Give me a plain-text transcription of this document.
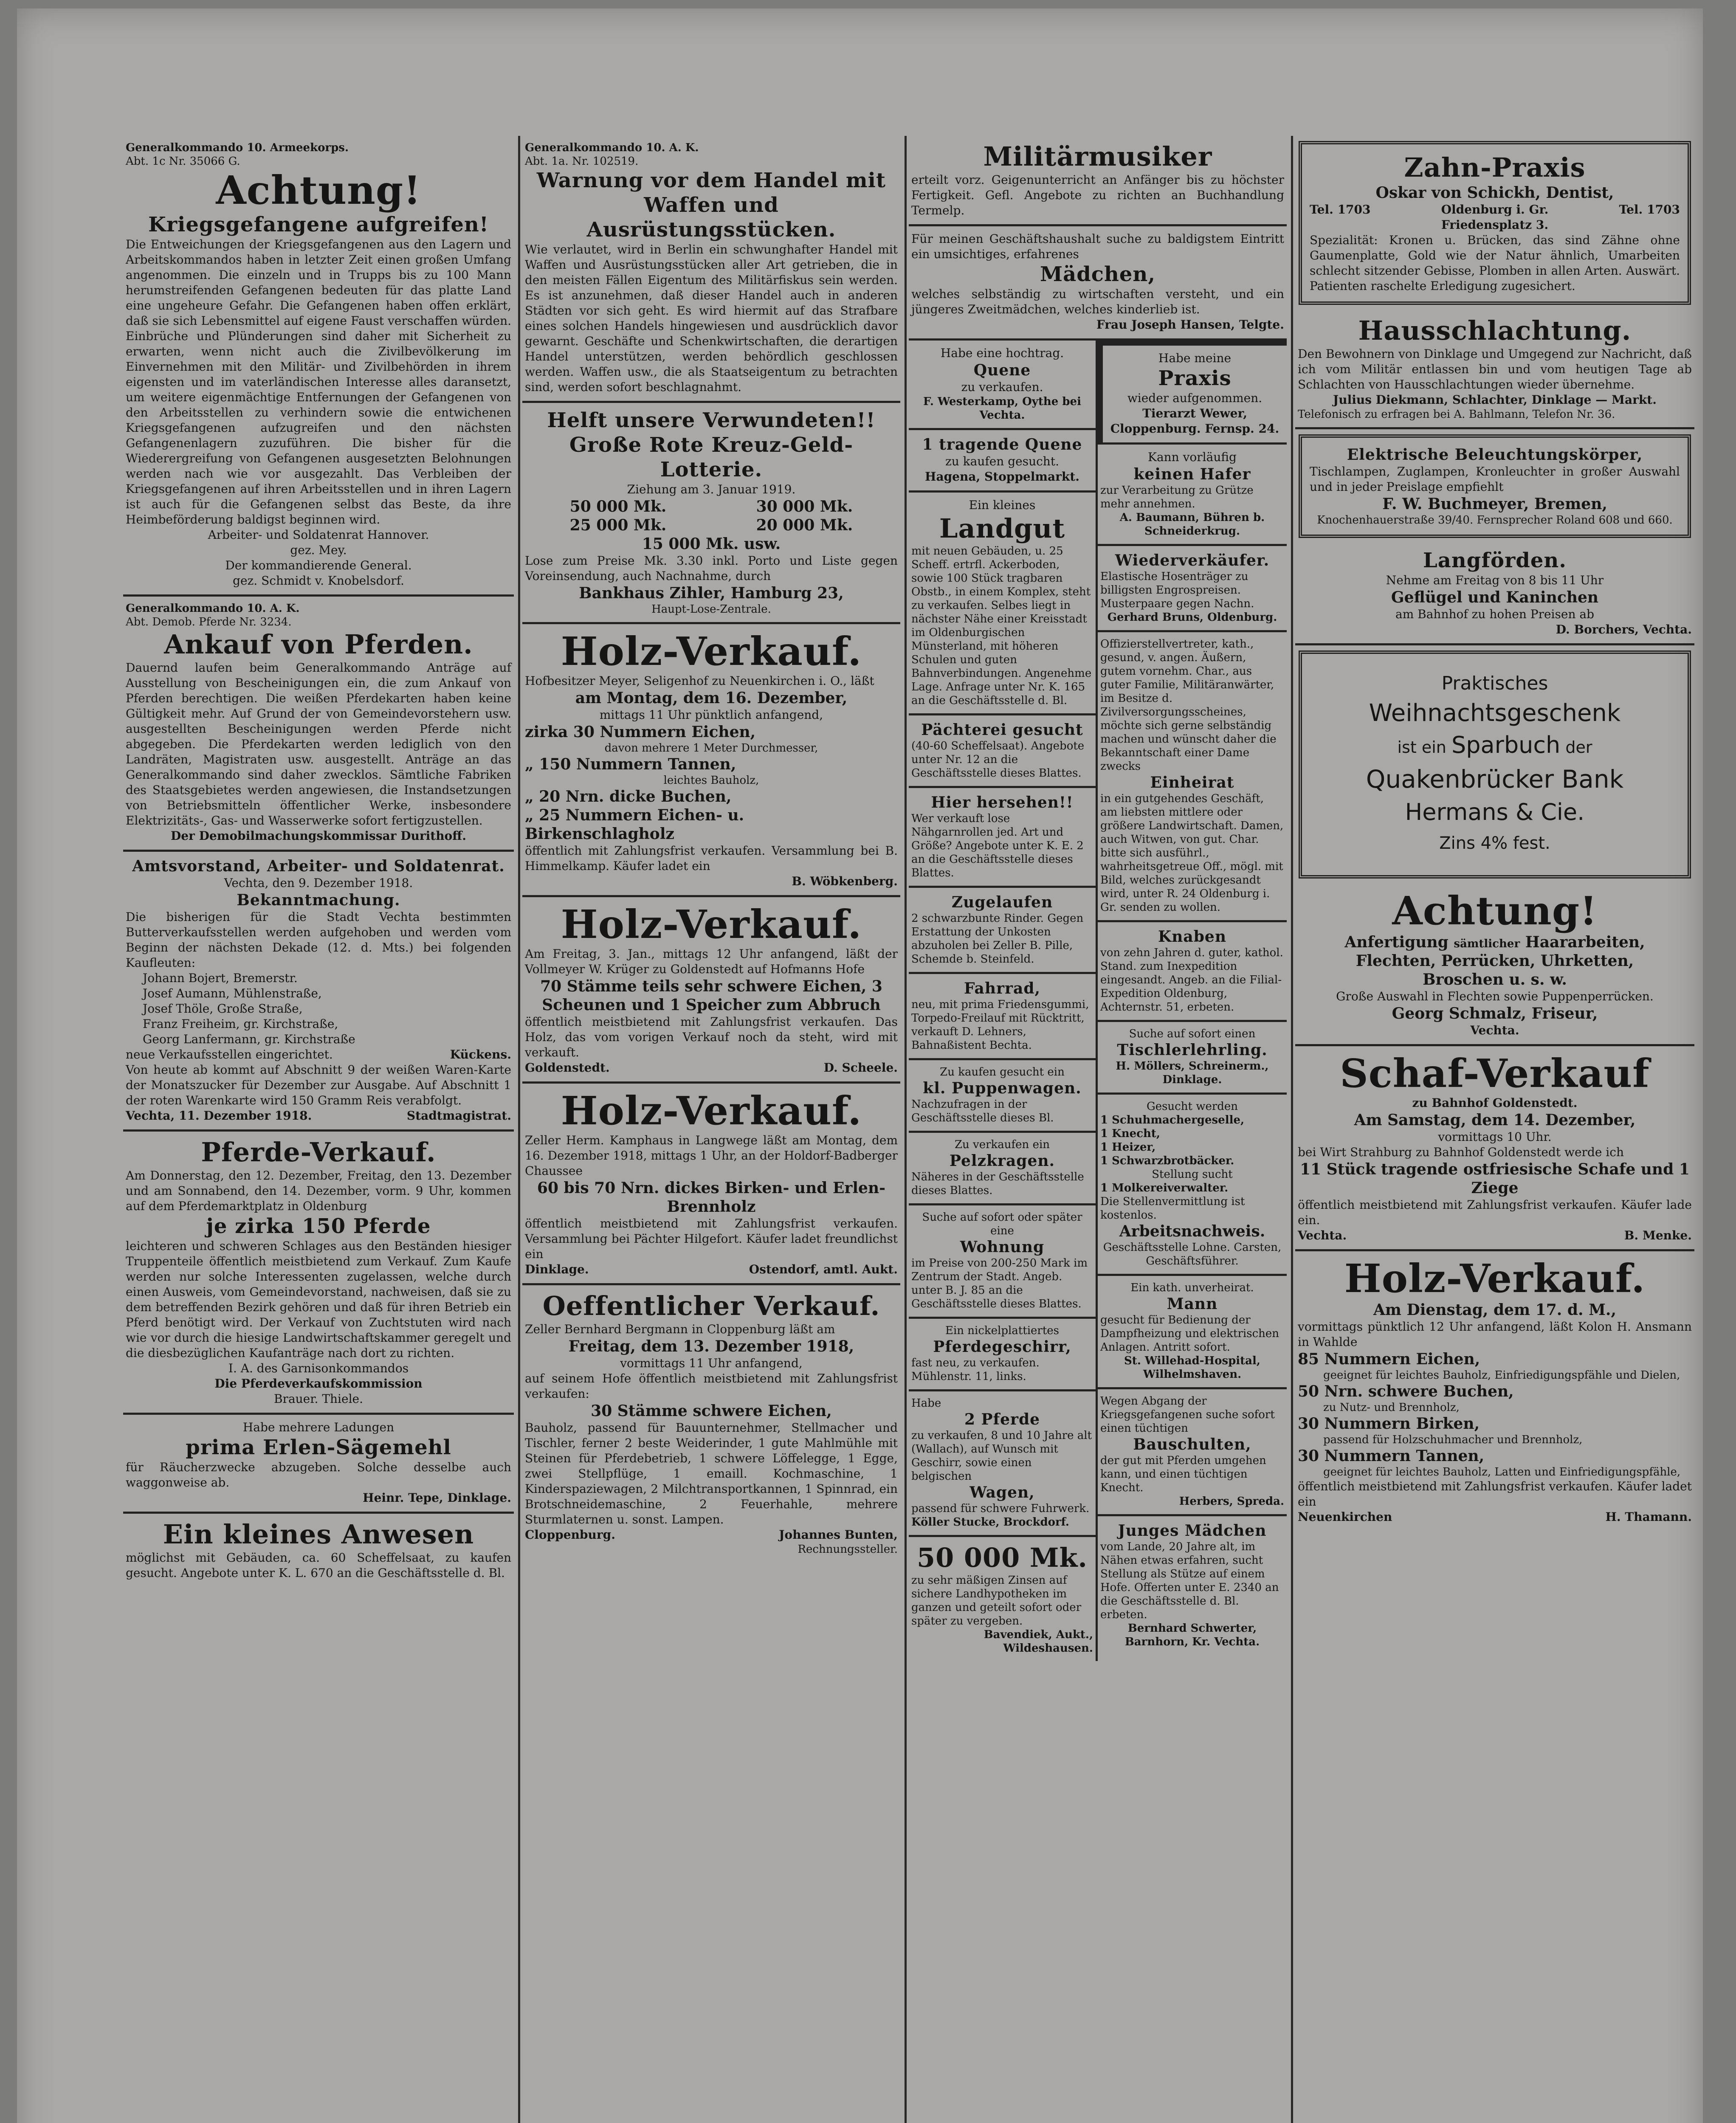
Generalkommando 10. Armeekorps.
Abt. 1c Nr. 35066 G.
Achtung!
Kriegsgefangene aufgreifen!
Die Entweichungen der Kriegsgefangenen aus den Lagern und Arbeitskommandos haben in letzter Zeit einen großen Umfang angenommen. Die einzeln und in Trupps bis zu 100 Mann herumstreifenden Gefangenen bedeuten für das platte Land eine ungeheure Gefahr. Die Gefangenen haben offen erklärt, daß sie sich Lebensmittel auf eigene Faust verschaffen würden. Einbrüche und Plünderungen sind daher mit Sicherheit zu erwarten, wenn nicht auch die Zivilbevölkerung im Einvernehmen mit den Militär- und Zivilbehörden in ihrem eigensten und im vaterländischen Interesse alles daransetzt, um weitere eigenmächtige Entfernungen der Gefangenen von den Arbeitsstellen zu verhindern sowie die entwichenen Kriegsgefangenen aufzugreifen und den nächsten Gefangenenlagern zuzuführen. Die bisher für die Wiederergreifung von Gefangenen ausgesetzten Belohnungen werden nach wie vor ausgezahlt. Das Verbleiben der Kriegsgefangenen auf ihren Arbeitsstellen und in ihren Lagern ist auch für die Gefangenen selbst das Beste, da ihre Heimbeförderung baldigst beginnen wird.
Arbeiter- und Soldatenrat Hannover.
gez. Mey.
Der kommandierende General.
gez. Schmidt v. Knobelsdorf.
Generalkommando 10. A. K.
Abt. Demob. Pferde Nr. 3234.
Ankauf von Pferden.
Dauernd laufen beim Generalkommando Anträge auf Ausstellung von Bescheinigungen ein, die zum Ankauf von Pferden berechtigen. Die weißen Pferdekarten haben keine Gültigkeit mehr. Auf Grund der von Gemeindevorstehern usw. ausgestellten Bescheinigungen werden Pferde nicht abgegeben. Die Pferdekarten werden lediglich von den Landräten, Magistraten usw. ausgestellt. Anträge an das Generalkommando sind daher zwecklos. Sämtliche Fabriken des Staatsgebietes werden angewiesen, die Instandsetzungen von Betriebsmitteln öffentlicher Werke, insbesondere Elektrizitäts-, Gas- und Wasserwerke sofort fertigzustellen.
Der Demobilmachungskommissar Durithoff.
Amtsvorstand, Arbeiter- und Soldatenrat.
Vechta, den 9. Dezember 1918.
Bekanntmachung.
Die bisherigen für die Stadt Vechta bestimmten Butterverkaufsstellen werden aufgehoben und werden vom Beginn der nächsten Dekade (12. d. Mts.) bei folgenden Kaufleuten:
Johann Bojert, Bremerstr.
Josef Aumann, Mühlenstraße,
Josef Thöle, Große Straße,
Franz Freiheim, gr. Kirchstraße,
Georg Lanfermann, gr. Kirchstraße
neue Verkaufsstellen eingerichtet.	Kückens.
Von heute ab kommt auf Abschnitt 9 der weißen Waren-Karte der Monatszucker für Dezember zur Ausgabe. Auf Abschnitt 1 der roten Warenkarte wird 150 Gramm Reis verabfolgt.
Vechta, 11. Dezember 1918.	Stadtmagistrat.
Pferde-Verkauf.
Am Donnerstag, den 12. Dezember, Freitag, den 13. Dezember und am Sonnabend, den 14. Dezember, vorm. 9 Uhr, kommen auf dem Pferdemarktplatz in Oldenburg
je zirka 150 Pferde
leichteren und schweren Schlages aus den Beständen hiesiger Truppenteile öffentlich meistbietend zum Verkauf. Zum Kaufe werden nur solche Interessenten zugelassen, welche durch einen Ausweis, vom Gemeindevorstand, nachweisen, daß sie zu dem betreffenden Bezirk gehören und daß für ihren Betrieb ein Pferd benötigt wird. Der Verkauf von Zuchtstuten wird nach wie vor durch die hiesige Landwirtschaftskammer geregelt und die diesbezüglichen Kaufanträge nach dort zu richten.
I. A. des Garnisonkommandos
Die Pferdeverkaufskommission
Brauer. Thiele.
Habe mehrere Ladungen
prima Erlen-Sägemehl
für Räucherzwecke abzugeben. Solche desselbe auch waggonweise ab.
Heinr. Tepe, Dinklage.
Ein kleines Anwesen
möglichst mit Gebäuden, ca. 60 Scheffelsaat, zu kaufen gesucht. Angebote unter K. L. 670 an die Geschäftsstelle d. Bl.
Generalkommando 10. A. K.
Abt. 1a. Nr. 102519.
Warnung vor dem Handel mit Waffen und Ausrüstungsstücken.
Wie verlautet, wird in Berlin ein schwunghafter Handel mit Waffen und Ausrüstungsstücken aller Art getrieben, die in den meisten Fällen Eigentum des Militärfiskus sein werden. Es ist anzunehmen, daß dieser Handel auch in anderen Städten vor sich geht. Es wird hiermit auf das Strafbare eines solchen Handels hingewiesen und ausdrücklich davor gewarnt. Geschäfte und Schenkwirtschaften, die derartigen Handel unterstützen, werden behördlich geschlossen werden. Waffen usw., die als Staatseigentum zu betrachten sind, werden sofort beschlagnahmt.
Helft unsere Verwundeten!!
Große Rote Kreuz-Geld-Lotterie.
Ziehung am 3. Januar 1919.
50 000 Mk.	30 000 Mk.
25 000 Mk.	20 000 Mk.
15 000 Mk. usw.
Lose zum Preise Mk. 3.30 inkl. Porto und Liste gegen Voreinsendung, auch Nachnahme, durch
Bankhaus Zihler, Hamburg 23,
Haupt-Lose-Zentrale.
Holz-Verkauf.
Hofbesitzer Meyer, Seligenhof zu Neuenkirchen i. O., läßt
am Montag, dem 16. Dezember,
mittags 11 Uhr pünktlich anfangend,
zirka 30 Nummern Eichen,
davon mehrere 1 Meter Durchmesser,
„ 150 Nummern Tannen,
leichtes Bauholz,
„ 20 Nrn. dicke Buchen,
„ 25 Nummern Eichen- u. Birkenschlagholz
öffentlich mit Zahlungsfrist verkaufen. Versammlung bei B. Himmelkamp. Käufer ladet ein
B. Wöbkenberg.
Holz-Verkauf.
Am Freitag, 3. Jan., mittags 12 Uhr anfangend, läßt der Vollmeyer W. Krüger zu Goldenstedt auf Hofmanns Hofe
70 Stämme teils sehr schwere Eichen, 3 Scheunen und 1 Speicher zum Abbruch
öffentlich meistbietend mit Zahlungsfrist verkaufen. Das Holz, das vom vorigen Verkauf noch da steht, wird mit verkauft.
Goldenstedt.	D. Scheele.
Holz-Verkauf.
Zeller Herm. Kamphaus in Langwege läßt am Montag, dem 16. Dezember 1918, mittags 1 Uhr, an der Holdorf-Badberger Chaussee
60 bis 70 Nrn. dickes Birken- und Erlen-Brennholz
öffentlich meistbietend mit Zahlungsfrist verkaufen. Versammlung bei Pächter Hilgefort. Käufer ladet freundlichst ein
Dinklage.	Ostendorf, amtl. Aukt.
Oeffentlicher Verkauf.
Zeller Bernhard Bergmann in Cloppenburg läßt am
Freitag, dem 13. Dezember 1918,
vormittags 11 Uhr anfangend,
auf seinem Hofe öffentlich meistbietend mit Zahlungsfrist verkaufen:
30 Stämme schwere Eichen,
Bauholz, passend für Bauunternehmer, Stellmacher und Tischler, ferner 2 beste Weiderinder, 1 gute Mahlmühle mit Steinen für Pferdebetrieb, 1 schwere Löffelegge, 1 Egge, zwei Stellpflüge, 1 emaill. Kochmaschine, 1 Kinderspaziewagen, 2 Milchtransportkannen, 1 Spinnrad, ein Brotschneidemaschine, 2 Feuerhahle, mehrere Sturmlaternen u. sonst. Lampen.
Cloppenburg.	Johannes Bunten,
Rechnungssteller.
Militärmusiker
erteilt vorz. Geigenunterricht an Anfänger bis zu höchster Fertigkeit. Gefl. Angebote zu richten an Buchhandlung Termelp.
Für meinen Geschäftshaushalt suche zu baldigstem Eintritt ein umsichtiges, erfahrenes
Mädchen,
welches selbständig zu wirtschaften versteht, und ein jüngeres Zweitmädchen, welches kinderlieb ist.
Frau Joseph Hansen, Telgte.
Habe eine hochtrag.
Quene
zu verkaufen.
F. Westerkamp, Oythe bei Vechta.
1 tragende Quene
zu kaufen gesucht.
Hagena, Stoppelmarkt.
Ein kleines
Landgut
mit neuen Gebäuden, u. 25 Scheff. ertrfl. Ackerboden, sowie 100 Stück tragbaren Obstb., in einem Komplex, steht zu verkaufen. Selbes liegt in nächster Nähe einer Kreisstadt im Oldenburgischen Münsterland, mit höheren Schulen und guten Bahnverbindungen. Angenehme Lage. Anfrage unter Nr. K. 165 an die Geschäftsstelle d. Bl.
Pächterei gesucht
(40-60 Scheffelsaat). Angebote unter Nr. 12 an die Geschäftsstelle dieses Blattes.
Hier hersehen!!
Wer verkauft lose Nähgarnrollen jed. Art und Größe? Angebote unter K. E. 2 an die Geschäftsstelle dieses Blattes.
Zugelaufen
2 schwarzbunte Rinder. Gegen Erstattung der Unkosten abzuholen bei Zeller B. Pille, Schemde b. Steinfeld.
Fahrrad,
neu, mit prima Friedensgummi, Torpedo-Freilauf mit Rücktritt, verkauft D. Lehners, Bahnaßistent Bechta.
Zu kaufen gesucht ein
kl. Puppenwagen.
Nachzufragen in der Geschäftsstelle dieses Bl.
Zu verkaufen ein
Pelzkragen.
Näheres in der Geschäftsstelle dieses Blattes.
Suche auf sofort oder später eine
Wohnung
im Preise von 200-250 Mark im Zentrum der Stadt. Angeb. unter B. J. 85 an die Geschäftsstelle dieses Blattes.
Ein nickelplattiertes
Pferdegeschirr,
fast neu, zu verkaufen. Mühlenstr. 11, links.
Habe
2 Pferde
zu verkaufen, 8 und 10 Jahre alt (Wallach), auf Wunsch mit Geschirr, sowie einen belgischen
Wagen,
passend für schwere Fuhrwerk.
Köller Stucke, Brockdorf.
50 000 Mk.
zu sehr mäßigen Zinsen auf sichere Landhypotheken im ganzen und geteilt sofort oder später zu vergeben.
Bavendiek, Aukt., Wildeshausen.
Habe meine
Praxis
wieder aufgenommen.
Tierarzt Wewer, Cloppenburg. Fernsp. 24.
Kann vorläufig
keinen Hafer
zur Verarbeitung zu Grütze mehr annehmen.
A. Baumann, Bühren b. Schneiderkrug.
Wiederverkäufer.
Elastische Hosenträger zu billigsten Engrospreisen. Musterpaare gegen Nachn.
Gerhard Bruns, Oldenburg.
Offizierstellvertreter, kath., gesund, v. angen. Äußern, gutem vornehm. Char., aus guter Familie, Militäranwärter, im Besitze d. Zivilversorgungsscheines, möchte sich gerne selbständig machen und wünscht daher die Bekanntschaft einer Dame zwecks
Einheirat
in ein gutgehendes Geschäft, am liebsten mittlere oder größere Landwirtschaft. Damen, auch Witwen, von gut. Char. bitte sich ausführl., wahrheitsgetreue Off., mögl. mit Bild, welches zurückgesandt wird, unter R. 24 Oldenburg i. Gr. senden zu wollen.
Knaben
von zehn Jahren d. guter, kathol. Stand. zum Inexpedition eingesandt. Angeb. an die Filial-Expedition Oldenburg, Achternstr. 51, erbeten.
Suche auf sofort einen
Tischlerlehrling.
H. Möllers, Schreinerm., Dinklage.
Gesucht werden
1 Schuhmachergeselle,
1 Knecht,
1 Heizer,
1 Schwarzbrotbäcker.
Stellung sucht
1 Molkereiverwalter.
Die Stellenvermittlung ist kostenlos.
Arbeitsnachweis.
Geschäftsstelle Lohne. Carsten, Geschäftsführer.
Ein kath. unverheirat.
Mann
gesucht für Bedienung der Dampfheizung und elektrischen Anlagen. Antritt sofort.
St. Willehad-Hospital, Wilhelmshaven.
Wegen Abgang der Kriegsgefangenen suche sofort einen tüchtigen
Bauschulten,
der gut mit Pferden umgehen kann, und einen tüchtigen Knecht.
Herbers, Spreda.
Junges Mädchen
vom Lande, 20 Jahre alt, im Nähen etwas erfahren, sucht Stellung als Stütze auf einem Hofe. Offerten unter E. 2340 an die Geschäftsstelle d. Bl. erbeten.
Bernhard Schwerter, Barnhorn, Kr. Vechta.
Zahn-Praxis
Oskar von Schickh, Dentist,
Tel. 1703	Oldenburg i. Gr.	Tel. 1703
Friedensplatz 3.
Spezialität: Kronen u. Brücken, das sind Zähne ohne Gaumenplatte, Gold wie der Natur ähnlich, Umarbeiten schlecht sitzender Gebisse, Plomben in allen Arten. Auswärt. Patienten raschelte Erledigung zugesichert.
Hausschlachtung.
Den Bewohnern von Dinklage und Umgegend zur Nachricht, daß ich vom Militär entlassen bin und vom heutigen Tage ab Schlachten von Hausschlachtungen wieder übernehme.
Julius Diekmann, Schlachter, Dinklage — Markt.
Telefonisch zu erfragen bei A. Bahlmann, Telefon Nr. 36.
Elektrische Beleuchtungskörper,
Tischlampen, Zuglampen, Kronleuchter in großer Auswahl und in jeder Preislage empfiehlt
F. W. Buchmeyer, Bremen,
Knochenhauerstraße 39/40. Fernsprecher Roland 608 und 660.
Langförden.
Nehme am Freitag von 8 bis 11 Uhr
Geflügel und Kaninchen
am Bahnhof zu hohen Preisen ab
D. Borchers, Vechta.
Praktisches
Weihnachtsgeschenk
ist ein Sparbuch der
Quakenbrücker Bank
Hermans & Cie.
Zins 4% fest.
Achtung!
Anfertigung sämtlicher Haararbeiten,
Flechten, Perrücken, Uhrketten,
Broschen u. s. w.
Große Auswahl in Flechten sowie Puppenperrücken.
Georg Schmalz, Friseur,
Vechta.
Schaf-Verkauf
zu Bahnhof Goldenstedt.
Am Samstag, dem 14. Dezember,
vormittags 10 Uhr.
bei Wirt Strahburg zu Bahnhof Goldenstedt werde ich
11 Stück tragende ostfriesische Schafe und 1 Ziege
öffentlich meistbietend mit Zahlungsfrist verkaufen. Käufer lade ein.
Vechta.	B. Menke.
Holz-Verkauf.
Am Dienstag, dem 17. d. M.,
vormittags pünktlich 12 Uhr anfangend, läßt Kolon H. Ansmann in Wahlde
85 Nummern Eichen,
geeignet für leichtes Bauholz, Einfriedigungspfähle und Dielen,
50 Nrn. schwere Buchen,
zu Nutz- und Brennholz,
30 Nummern Birken,
passend für Holzschuhmacher und Brennholz,
30 Nummern Tannen,
geeignet für leichtes Bauholz, Latten und Einfriedigungspfähle,
öffentlich meistbietend mit Zahlungsfrist verkaufen. Käufer ladet ein
Neuenkirchen	H. Thamann.
